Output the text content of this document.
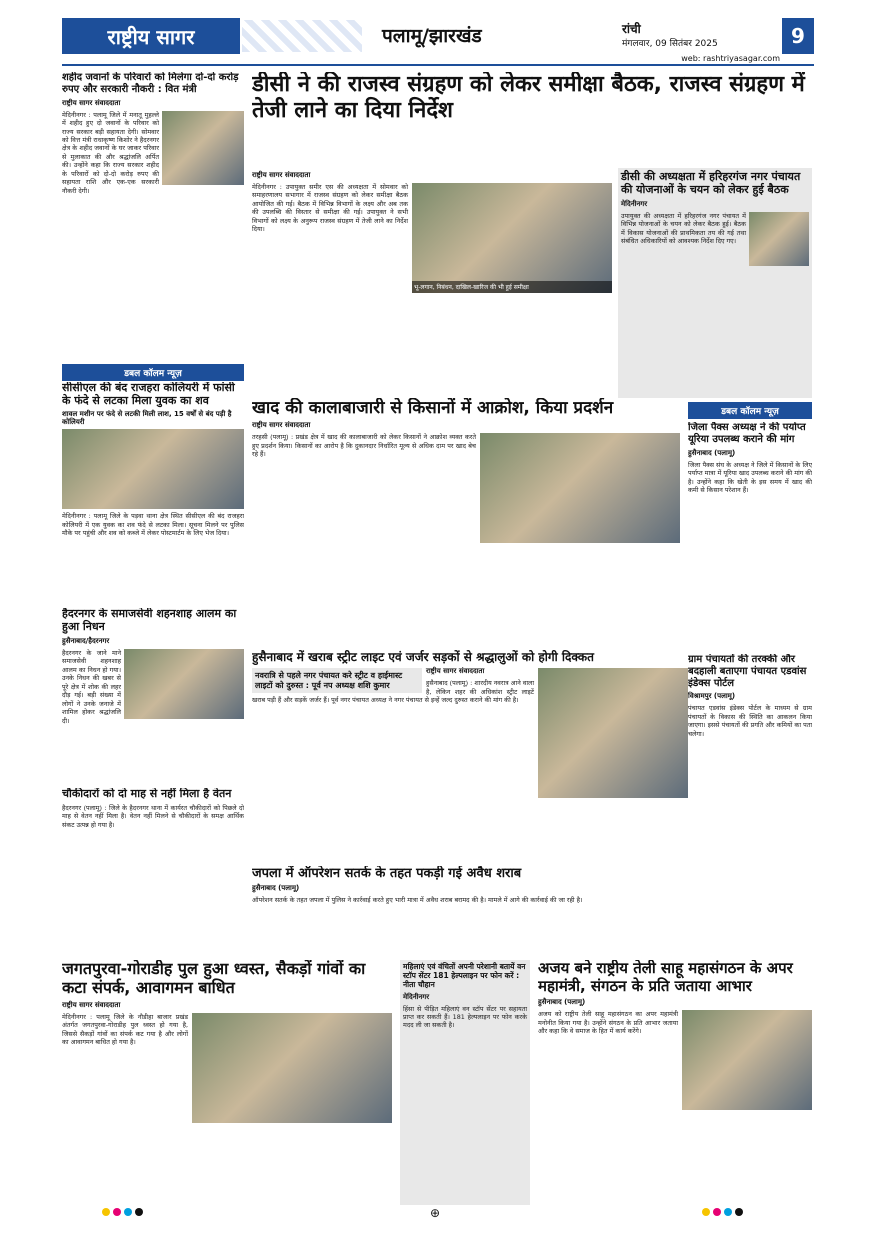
राष्ट्रीय सागर	पलामू/झारखंड	रांची
मंगलवार, 09 सितंबर 2025	9
web: rashtriyasagar.com
शहीद जवानों के परिवारों को मिलेगा दो-दो करोड़ रुपए और सरकारी नौकरी : वित मंत्री
राष्ट्रीय सागर संवाददाता
मेदिनीनगर : पलामू जिले में मनातू मुहल्ले में शहीद हुए दो जवानों के परिवार को राज्य सरकार बड़ी सहायता देगी। सोमवार को वित्त मंत्री राधाकृष्ण किशोर ने हैदरनगर क्षेत्र के शहीद जवानों के घर जाकर परिवार से मुलाकात की और श्रद्धांजलि अर्पित की। उन्होंने कहा कि राज्य सरकार शहीद के परिवारों को दो-दो करोड़ रुपए की सहायता राशि और एक-एक सरकारी नौकरी देगी।
डीसी ने की राजस्व संग्रहण को लेकर समीक्षा बैठक, राजस्व संग्रहण में तेजी लाने का दिया निर्देश
राष्ट्रीय सागर संवाददाता
भू-लगान, निबंधन, दाखिल-खारिज की भी हुई समीक्षा
मेदिनीनगर : उपायुक्त समीर एस की अध्यक्षता में सोमवार को समाहरणालय सभागार में राजस्व संग्रहण को लेकर समीक्षा बैठक आयोजित की गई। बैठक में विभिन्न विभागों के लक्ष्य और अब तक की उपलब्धि की विस्तार से समीक्षा की गई। उपायुक्त ने सभी विभागों को लक्ष्य के अनुरूप राजस्व संग्रहण में तेजी लाने का निर्देश दिया।
डीसी की अध्यक्षता में हरिहरगंज नगर पंचायत की योजनाओं के चयन को लेकर हुई बैठक
मेदिनीनगर
उपायुक्त की अध्यक्षता में हरिहरगंज नगर पंचायत में विभिन्न योजनाओं के चयन को लेकर बैठक हुई। बैठक में विकास योजनाओं की प्राथमिकता तय की गई तथा संबंधित अधिकारियों को आवश्यक निर्देश दिए गए।
डबल कॉलम न्यूज़
सीसीएल की बंद राजहरा कोलियरी में फांसी के फंदे से लटका मिला युवक का शव
शावल मशीन पर फंदे से लटकी मिली लाश, 15 वर्षों से बंद पड़ी है कोलियरी
मेदिनीनगर : पलामू जिले के पड़वा थाना क्षेत्र स्थित सीसीएल की बंद राजहरा कोलियरी में एक युवक का शव फंदे से लटका मिला। सूचना मिलने पर पुलिस मौके पर पहुंची और शव को कब्जे में लेकर पोस्टमार्टम के लिए भेज दिया।
खाद की कालाबाजारी से किसानों में आक्रोश, किया प्रदर्शन
राष्ट्रीय सागर संवाददाता
तरहसी (पलामू) : प्रखंड क्षेत्र में खाद की कालाबाजारी को लेकर किसानों ने आक्रोश व्यक्त करते हुए प्रदर्शन किया। किसानों का आरोप है कि दुकानदार निर्धारित मूल्य से अधिक दाम पर खाद बेच रहे हैं।
डबल कॉलम न्यूज़
जिला पैक्स अध्यक्ष ने की पर्याप्त यूरिया उपलब्ध कराने की मांग
हुसैनाबाद (पलामू)
जिला पैक्स संघ के अध्यक्ष ने जिले में किसानों के लिए पर्याप्त मात्रा में यूरिया खाद उपलब्ध कराने की मांग की है। उन्होंने कहा कि खेती के इस समय में खाद की कमी से किसान परेशान हैं।
हैदरनगर के समाजसेवी शहनशाह आलम का हुआ निधन
हुसैनाबाद/हैदरनगर
हैदरनगर के जाने माने समाजसेवी शहनशाह आलम का निधन हो गया। उनके निधन की खबर से पूरे क्षेत्र में शोक की लहर दौड़ गई। बड़ी संख्या में लोगों ने उनके जनाजे में शामिल होकर श्रद्धांजलि दी।
हुसैनाबाद में खराब स्ट्रीट लाइट एवं जर्जर सड़कों से श्रद्धालुओं को होगी दिक्कत
नवरात्रि से पहले नगर पंचायत करे स्ट्रीट व हाईमास्ट लाइटों को दुरुस्त : पूर्व नप अध्यक्ष शशि कुमार
राष्ट्रीय सागर संवाददाता
हुसैनाबाद (पलामू) : शारदीय नवरात्र आने वाला है, लेकिन शहर की अधिकांश स्ट्रीट लाइटें खराब पड़ी हैं और सड़कें जर्जर हैं। पूर्व नगर पंचायत अध्यक्ष ने नगर पंचायत से इन्हें जल्द दुरुस्त कराने की मांग की है।
ग्राम पंचायतों की तरक्की और बदहाली बताएगा पंचायत एडवांस इंडेक्स पोर्टल
विश्रामपुर (पलामू)
पंचायत एडवांस इंडेक्स पोर्टल के माध्यम से ग्राम पंचायतों के विकास की स्थिति का आकलन किया जाएगा। इससे पंचायतों की प्रगति और कमियों का पता चलेगा।
चौकीदारों को दो माह से नहीं मिला है वेतन
हैदरनगर (पलामू) : जिले के हैदरनगर थाना में कार्यरत चौकीदारों को पिछले दो माह से वेतन नहीं मिला है। वेतन नहीं मिलने से चौकीदारों के समक्ष आर्थिक संकट उत्पन्न हो गया है।
जपला में ऑपरेशन सतर्क के तहत पकड़ी गई अवैध शराब
हुसैनाबाद (पलामू)
ऑपरेशन सतर्क के तहत जपला में पुलिस ने कार्रवाई करते हुए भारी मात्रा में अवैध शराब बरामद की है। मामले में आगे की कार्रवाई की जा रही है।
जगतपुरवा-गोराडीह पुल हुआ ध्वस्त, सैकड़ों गांवों का कटा संपर्क, आवागमन बाधित
राष्ट्रीय सागर संवाददाता
मेदिनीनगर : पलामू जिले के नौडीहा बाजार प्रखंड अंतर्गत जगतपुरवा-गोराडीह पुल ध्वस्त हो गया है, जिससे सैकड़ों गांवों का संपर्क कट गया है और लोगों का आवागमन बाधित हो गया है।
महिलाएं एवं वंचितों अपनी परेशानी बतायें वन स्टॉप सेंटर 181 हेल्पलाइन पर फोन करें : नीता चौहान
मेदिनीनगर
हिंसा से पीड़ित महिलाएं वन स्टॉप सेंटर पर सहायता प्राप्त कर सकती हैं। 181 हेल्पलाइन पर फोन करके मदद ली जा सकती है।
अजय बने राष्ट्रीय तेली साहू महासंगठन के अपर महामंत्री, संगठन के प्रति जताया आभार
हुसैनाबाद (पलामू)
अजय को राष्ट्रीय तेली साहू महासंगठन का अपर महामंत्री मनोनीत किया गया है। उन्होंने संगठन के प्रति आभार जताया और कहा कि वे समाज के हित में कार्य करेंगे।
⊕
